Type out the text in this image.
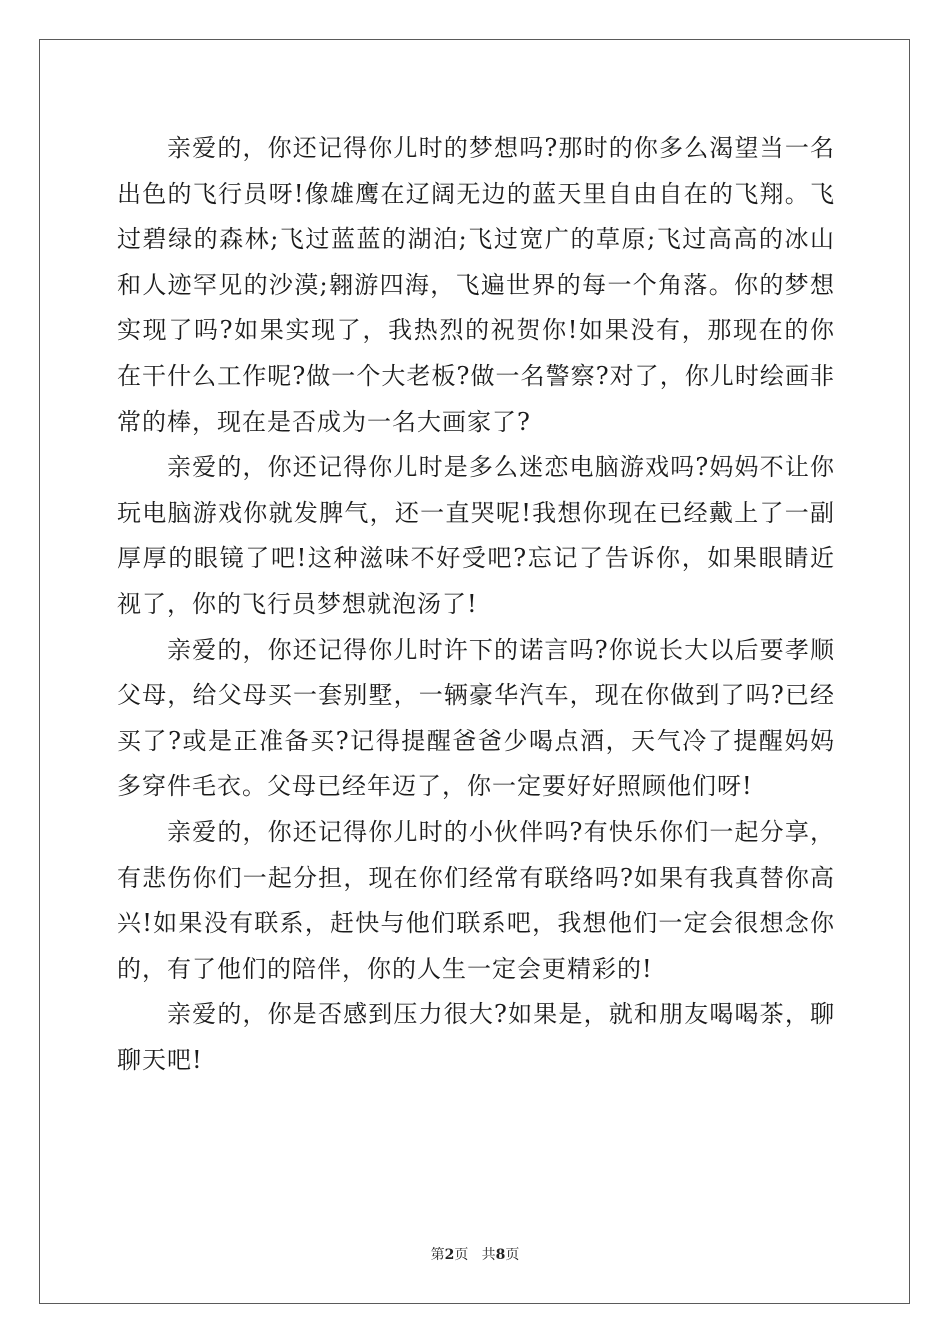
亲爱的，你还记得你儿时的梦想吗?那时的你多么渴望当一名出色的飞行员呀!像雄鹰在辽阔无边的蓝天里自由自在的飞翔。飞过碧绿的森林;飞过蓝蓝的湖泊;飞过宽广的草原;飞过高高的冰山和人迹罕见的沙漠;翱游四海，飞遍世界的每一个角落。你的梦想实现了吗?如果实现了，我热烈的祝贺你!如果没有，那现在的你在干什么工作呢?做一个大老板?做一名警察?对了，你儿时绘画非常的棒，现在是否成为一名大画家了?

亲爱的，你还记得你儿时是多么迷恋电脑游戏吗?妈妈不让你玩电脑游戏你就发脾气，还一直哭呢!我想你现在已经戴上了一副厚厚的眼镜了吧!这种滋味不好受吧?忘记了告诉你，如果眼睛近视了，你的飞行员梦想就泡汤了!

亲爱的，你还记得你儿时许下的诺言吗?你说长大以后要孝顺父母，给父母买一套别墅，一辆豪华汽车，现在你做到了吗?已经买了?或是正准备买?记得提醒爸爸少喝点酒，天气冷了提醒妈妈多穿件毛衣。父母已经年迈了，你一定要好好照顾他们呀!

亲爱的，你还记得你儿时的小伙伴吗?有快乐你们一起分享，有悲伤你们一起分担，现在你们经常有联络吗?如果有我真替你高兴!如果没有联系，赶快与他们联系吧，我想他们一定会很想念你的，有了他们的陪伴，你的人生一定会更精彩的!

亲爱的，你是否感到压力很大?如果是，就和朋友喝喝茶，聊聊天吧!

第2页 共8页
